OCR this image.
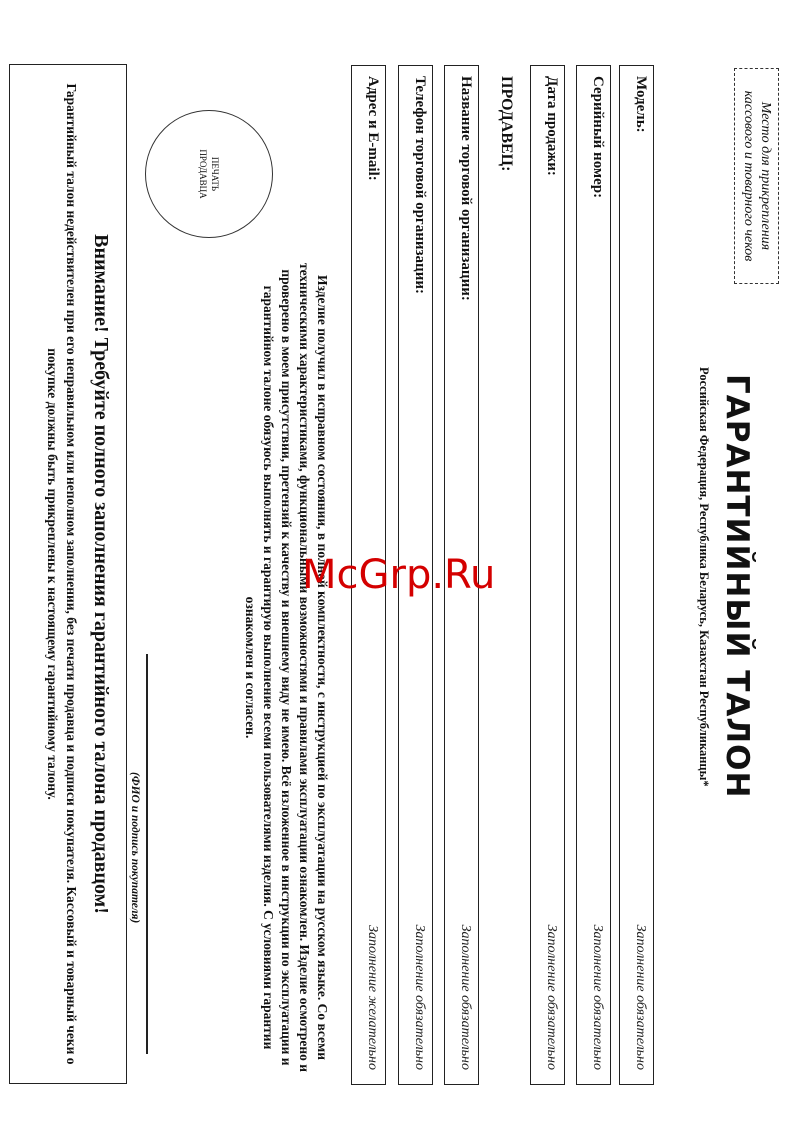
Место для прикрепления
кассового и товарного чеков
Модель:
Заполнение обязательно
Серийный номер:
Заполнение обязательно
Дата продажи:
Заполнение обязательно
ПРОДАВЕЦ:
Название торговой организации:
Заполнение обязательно
Телефон торговой организации:
Заполнение обязательно
Адрес и E-mail:
Заполнение желательно
ГАРАНТИЙНЫЙ ТАЛОН
Российская Федерация, Республика Беларусь, Казахстан Республиканцы*
Изделие получил в исправном состоянии, в полной комплектности, с инструкцией по эксплуатации на русском языке. Со всеми техническими характеристиками, функциональными возможностями и правилами эксплуатации ознакомлен. Изделие осмотрено и проверено в моем присутствии, претензий к качеству и внешнему виду не имею. Всё изложенное в инструкции по эксплуатации и гарантийном талоне обязуюсь выполнять и гарантирую выполнение всеми пользователями изделия. С условиями гарантии ознакомлен и согласен.
ПЕЧАТЬ
ПРОДАВЦА
(ФИО и подпись покупателя)
Внимание! Требуйте полного заполнения гарантийного талона продавцом!
Гарантийный талон недействителен при его неправильном или неполном заполнении, без печати продавца и подписи покупателя. Кассовый и товарный чеки о покупке должны быть прикреплены к настоящему гарантийному талону.	McGrp.Ru
